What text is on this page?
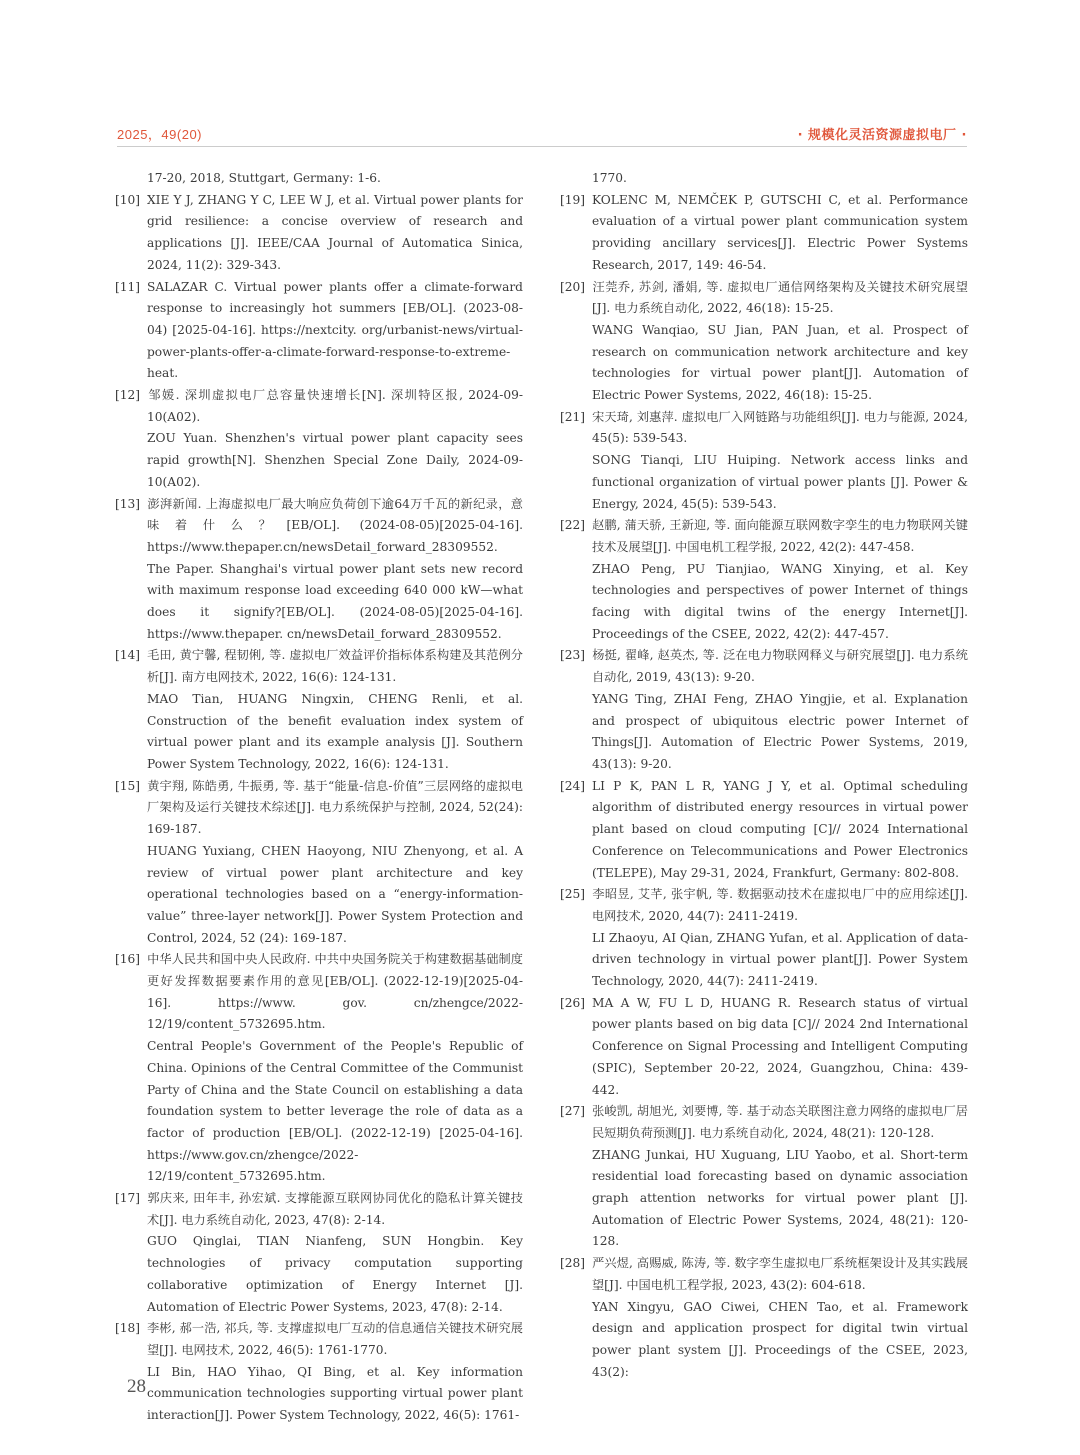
2025，49(20)	· 规模化灵活资源虚拟电厂 ·

17-20, 2018, Stuttgart, Germany: 1-6.

[10] XIE Y J, ZHANG Y C, LEE W J, et al. Virtual power plants for grid resilience: a concise overview of research and applications [J]. IEEE/CAA Journal of Automatica Sinica, 2024, 11(2): 329-343.

[11] SALAZAR C. Virtual power plants offer a climate-forward response to increasingly hot summers [EB/OL]. (2023-08-04) [2025-04-16]. https://nextcity. org/urbanist-news/virtual-power-plants-offer-a-climate-forward-response-to-extreme-heat.

[12] 邹媛. 深圳虚拟电厂总容量快速增长[N]. 深圳特区报, 2024-09-10(A02).

ZOU Yuan. Shenzhen's virtual power plant capacity sees rapid growth[N]. Shenzhen Special Zone Daily, 2024-09-10(A02).

[13] 澎湃新闻. 上海虚拟电厂最大响应负荷创下逾64万千瓦的新纪录，意味着什么？[EB/OL]. (2024-08-05)[2025-04-16]. https://www.thepaper.cn/newsDetail_forward_28309552.

The Paper. Shanghai's virtual power plant sets new record with maximum response load exceeding 640 000 kW—what does it signify?[EB/OL]. (2024-08-05)[2025-04-16]. https://www.thepaper. cn/newsDetail_forward_28309552.

[14] 毛田, 黄宁馨, 程韧俐, 等. 虚拟电厂效益评价指标体系构建及其范例分析[J]. 南方电网技术, 2022, 16(6): 124-131.

MAO Tian, HUANG Ningxin, CHENG Renli, et al. Construction of the benefit evaluation index system of virtual power plant and its example analysis [J]. Southern Power System Technology, 2022, 16(6): 124-131.

[15] 黄宇翔, 陈皓勇, 牛振勇, 等. 基于“能量-信息-价值”三层网络的虚拟电厂架构及运行关键技术综述[J]. 电力系统保护与控制, 2024, 52(24): 169-187.

HUANG Yuxiang, CHEN Haoyong, NIU Zhenyong, et al. A review of virtual power plant architecture and key operational technologies based on a “energy-information-value” three-layer network[J]. Power System Protection and Control, 2024, 52 (24): 169-187.

[16] 中华人民共和国中央人民政府. 中共中央国务院关于构建数据基础制度更好发挥数据要素作用的意见[EB/OL]. (2022-12-19)[2025-04-16]. https://www. gov. cn/zhengce/2022-12/19/content_5732695.htm.

Central People's Government of the People's Republic of China. Opinions of the Central Committee of the Communist Party of China and the State Council on establishing a data foundation system to better leverage the role of data as a factor of production [EB/OL]. (2022-12-19) [2025-04-16]. https://www.gov.cn/zhengce/2022-12/19/content_5732695.htm.

[17] 郭庆来, 田年丰, 孙宏斌. 支撑能源互联网协同优化的隐私计算关键技术[J]. 电力系统自动化, 2023, 47(8): 2-14.

GUO Qinglai, TIAN Nianfeng, SUN Hongbin. Key technologies of privacy computation supporting collaborative optimization of Energy Internet [J]. Automation of Electric Power Systems, 2023, 47(8): 2-14.

[18] 李彬, 郝一浩, 祁兵, 等. 支撑虚拟电厂互动的信息通信关键技术研究展望[J]. 电网技术, 2022, 46(5): 1761-1770.

LI Bin, HAO Yihao, QI Bing, et al. Key information communication technologies supporting virtual power plant interaction[J]. Power System Technology, 2022, 46(5): 1761-

1770.

[19] KOLENC M, NEMČEK P, GUTSCHI C, et al. Performance evaluation of a virtual power plant communication system providing ancillary services[J]. Electric Power Systems Research, 2017, 149: 46-54.

[20] 汪莞乔, 苏剑, 潘娟, 等. 虚拟电厂通信网络架构及关键技术研究展望[J]. 电力系统自动化, 2022, 46(18): 15-25.

WANG Wanqiao, SU Jian, PAN Juan, et al. Prospect of research on communication network architecture and key technologies for virtual power plant[J]. Automation of Electric Power Systems, 2022, 46(18): 15-25.

[21] 宋天琦, 刘惠萍. 虚拟电厂入网链路与功能组织[J]. 电力与能源, 2024, 45(5): 539-543.

SONG Tianqi, LIU Huiping. Network access links and functional organization of virtual power plants [J]. Power & Energy, 2024, 45(5): 539-543.

[22] 赵鹏, 蒲天骄, 王新迎, 等. 面向能源互联网数字孪生的电力物联网关键技术及展望[J]. 中国电机工程学报, 2022, 42(2): 447-458.

ZHAO Peng, PU Tianjiao, WANG Xinying, et al. Key technologies and perspectives of power Internet of things facing with digital twins of the energy Internet[J]. Proceedings of the CSEE, 2022, 42(2): 447-457.

[23] 杨挺, 翟峰, 赵英杰, 等. 泛在电力物联网释义与研究展望[J]. 电力系统自动化, 2019, 43(13): 9-20.

YANG Ting, ZHAI Feng, ZHAO Yingjie, et al. Explanation and prospect of ubiquitous electric power Internet of Things[J]. Automation of Electric Power Systems, 2019, 43(13): 9-20.

[24] LI P K, PAN L R, YANG J Y, et al. Optimal scheduling algorithm of distributed energy resources in virtual power plant based on cloud computing [C]// 2024 International Conference on Telecommunications and Power Electronics (TELEPE), May 29-31, 2024, Frankfurt, Germany: 802-808.

[25] 李昭昱, 艾芊, 张宇帆, 等. 数据驱动技术在虚拟电厂中的应用综述[J]. 电网技术, 2020, 44(7): 2411-2419.

LI Zhaoyu, AI Qian, ZHANG Yufan, et al. Application of data-driven technology in virtual power plant[J]. Power System Technology, 2020, 44(7): 2411-2419.

[26] MA A W, FU L D, HUANG R. Research status of virtual power plants based on big data [C]// 2024 2nd International Conference on Signal Processing and Intelligent Computing (SPIC), September 20-22, 2024, Guangzhou, China: 439-442.

[27] 张峻凯, 胡旭光, 刘要博, 等. 基于动态关联图注意力网络的虚拟电厂居民短期负荷预测[J]. 电力系统自动化, 2024, 48(21): 120-128.

ZHANG Junkai, HU Xuguang, LIU Yaobo, et al. Short-term residential load forecasting based on dynamic association graph attention networks for virtual power plant [J]. Automation of Electric Power Systems, 2024, 48(21): 120-128.

[28] 严兴煜, 高赐威, 陈涛, 等. 数字孪生虚拟电厂系统框架设计及其实践展望[J]. 中国电机工程学报, 2023, 43(2): 604-618.

YAN Xingyu, GAO Ciwei, CHEN Tao, et al. Framework design and application prospect for digital twin virtual power plant system [J]. Proceedings of the CSEE, 2023, 43(2):

28
